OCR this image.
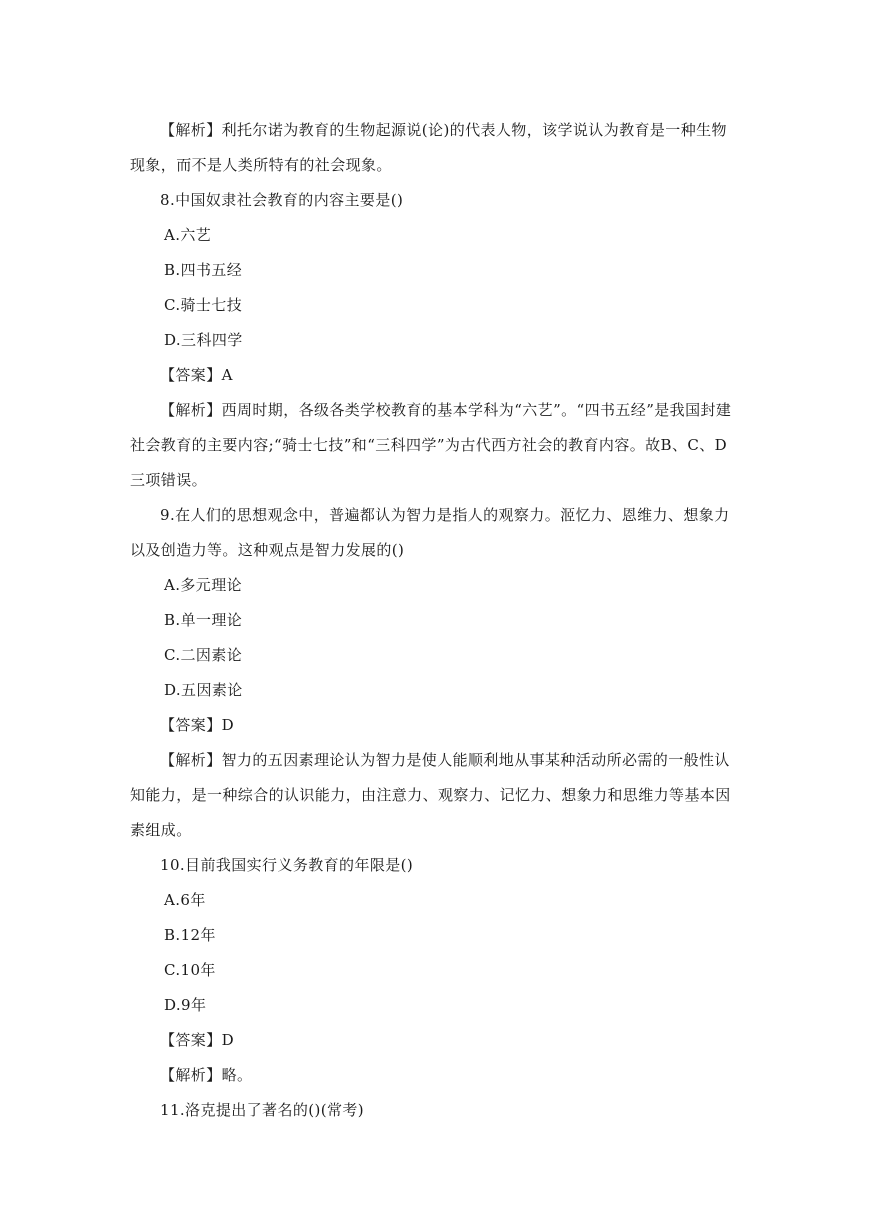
【解析】利托尔诺为教育的生物起源说(论)的代表人物，该学说认为教育是一种生物现象，而不是人类所特有的社会现象。

8.中国奴隶社会教育的内容主要是()

A.六艺

B.四书五经

C.骑士七技

D.三科四学

【答案】A

【解析】西周时期，各级各类学校教育的基本学科为“六艺”。“四书五经”是我国封建社会教育的主要内容;“骑士七技”和“三科四学”为古代西方社会的教育内容。故B、C、D三项错误。

9.在人们的思想观念中，普遍都认为智力是指人的观察力。洍忆力、恩维力、想象力以及创造力等。这种观点是智力发展的()

A.多元理论

B.单一理论

C.二因素论

D.五因素论

【答案】D

【解析】智力的五因素理论认为智力是使人能顺利地从事某种活动所必需的一般性认知能力，是一种综合的认识能力，由注意力、观察力、记忆力、想象力和思维力等基本因素组成。

10.目前我国实行义务教育的年限是()

A.6年

B.12年

C.10年

D.9年

【答案】D

【解析】略。

11.洛克提出了著名的()(常考)
